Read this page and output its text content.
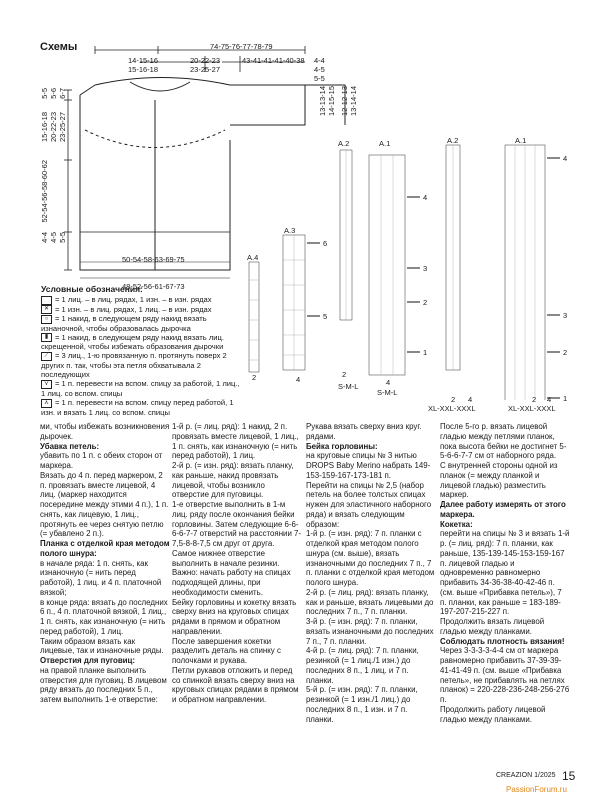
Схемы	74-75-76-77-78-79
14-15-16
15-16-18
20-22-23
23-25-27
43-41-41-41-40-38 4-4
4-5
5-5
5-5 5-6 6-7
15-16-18 20-22-23 23-25-27
52-54-56-58-60-62
4-4 4-5 5-5
13-13-14 14-15-15 12-12-13 13-14-14
50-54-58-63-69-75
48-52-56-61-67-73
A.4
A.3
A.2	A.1	A.2	A.1
6
5
4
3
2
1
4
3
2
1
S-M-L
S-M-L
XL-XXL-XXXL	XL-XXL-XXXL
2	4
2
4
2 4	2 4
Условные обозначения:
= 1 лиц. – в лиц. рядах, 1 изн. – в изн. рядах
✕ = 1 изн. – в лиц. рядах, 1 лиц. – в изн. рядах
○ = 1 накид, в следующем ряду накид вязать изнаночной, чтобы образовалась дырочка
▮ = 1 накид, в следующем ряду накид вязать лиц. скрещенной, чтобы избежать образования дырочки
⟋ = 3 лиц., 1-ю провязанную п. протянуть поверх 2 других п. так, чтобы эта петля обхватывала 2 последующих
⋎ = 1 п. перевести на вспом. спицу за работой, 1 лиц., 1 лиц. со вспом. спицы
⋏ = 1 п. перевести на вспом. спицу перед работой, 1 изн. и вязать 1 лиц. со вспом. спицы

ми, чтобы избежать возникновения дырочек.

Убавка петель:

убавить по 1 п. с обеих сторон от маркера.

Вязать до 4 п. перед маркером, 2 п. провязать вместе лицевой, 4 лиц. (маркер находится посередине между этими 4 п.), 1 п. снять, как лицевую, 1 лиц., протянуть ее через снятую петлю (= убавлено 2 п.).

Планка с отделкой края методом полого шнура:

в начале ряда: 1 п. снять, как изнаночную (= нить перед работой), 1 лиц. и 4 п. платочной вязкой;

в конце ряда: вязать до последних 6 п., 4 п. платочной вязкой, 1 лиц., 1 п. снять, как изнаночную (= нить перед работой), 1 лиц.

Таким образом вязать как лицевые, так и изнаночные ряды.

Отверстия для пуговиц:

на правой планке выполнить отверстия для пуговиц. В лицевом ряду вязать до последних 5 п., затем выполнить 1-е отверстие:

1-й р. (= лиц. ряд): 1 накид, 2 п. провязать вместе лицевой, 1 лиц., 1 п. снять, как изнаночную (= нить перед работой), 1 лиц.

2-й р. (= изн. ряд): вязать планку, как раньше, накид провязать лицевой, чтобы возникло отверстие для пуговицы.

1-е отверстие выполнить в 1-м лиц. ряду после окончания бейки горловины. Затем следующие 6-6-6-6-7-7 отверстий на расстоянии 7-7,5-8-8-7,5 см друг от друга.

Самое нижнее отверстие выполнить в начале резинки.

Важно: начать работу на спицах подходящей длины, при необходимости сменить.

Бейку горловины и кокетку вязать сверху вниз на круговых спицах рядами в прямом и обратном направлении.

После завершения кокетки разделить деталь на спинку с полочками и рукава.

Петли рукавов отложить и перед со спинкой вязать сверху вниз на круговых спицах рядами в прямом и обратном направлении.

Рукава вязать сверху вниз круг. рядами.

Бейка горловины:

на круговые спицы № 3 нитью DROPS Baby Merino набрать 149-153-159-167-173-181 п.

Перейти на спицы № 2,5 (набор петель на более толстых спицах нужен для эластичного наборного ряда) и вязать следующим образом:

1-й р. (= изн. ряд): 7 п. планки с отделкой края методом полого шнура (см. выше), вязать изнаночными до последних 7 п., 7 п. планки с отделкой края методом полого шнура.

2-й р. (= лиц. ряд): вязать планку, как и раньше, вязать лицевыми до последних 7 п., 7 п. планки.

3-й р. (= изн. ряд): 7 п. планки, вязать изнаночными до последних 7 п., 7 п. планки.

4-й р. (= лиц. ряд): 7 п. планки, резинкой (= 1 лиц./1 изн.) до последних 8 п., 1 лиц. и 7 п. планки.

5-й р. (= изн. ряд): 7 п. планки, резинкой (= 1 изн./1 лиц.) до последних 8 п., 1 изн. и 7 п. планки.

После 5-го р. вязать лицевой гладью между петлями планок, пока высота бейки не достигнет 5-5-6-6-7-7 см от наборного ряда.

С внутренней стороны одной из планок (= между планкой и лицевой гладью) разместить маркер.

Далее работу измерять от этого маркера.

Кокетка:

перейти на спицы № 3 и вязать 1-й р. (= лиц. ряд): 7 п. планки, как раньше, 135-139-145-153-159-167 п. лицевой гладью и одновременно равномерно прибавить 34-36-38-40-42-46 п. (см. выше «Прибавка петель»), 7 п. планки, как раньше = 183-189-197-207-215-227 п.

Продолжить вязать лицевой гладью между планками.

Соблюдать плотность вязания!

Через 3-3-3-3-4-4 см от маркера равномерно прибавить 37-39-39-41-41-49 п. (см. выше «Прибавка петель», не прибавлять на петлях планок) = 220-228-236-248-256-276 п.

Продолжить работу лицевой гладью между планками.

CREAZION 1/2025 15
PassionForum.ru
